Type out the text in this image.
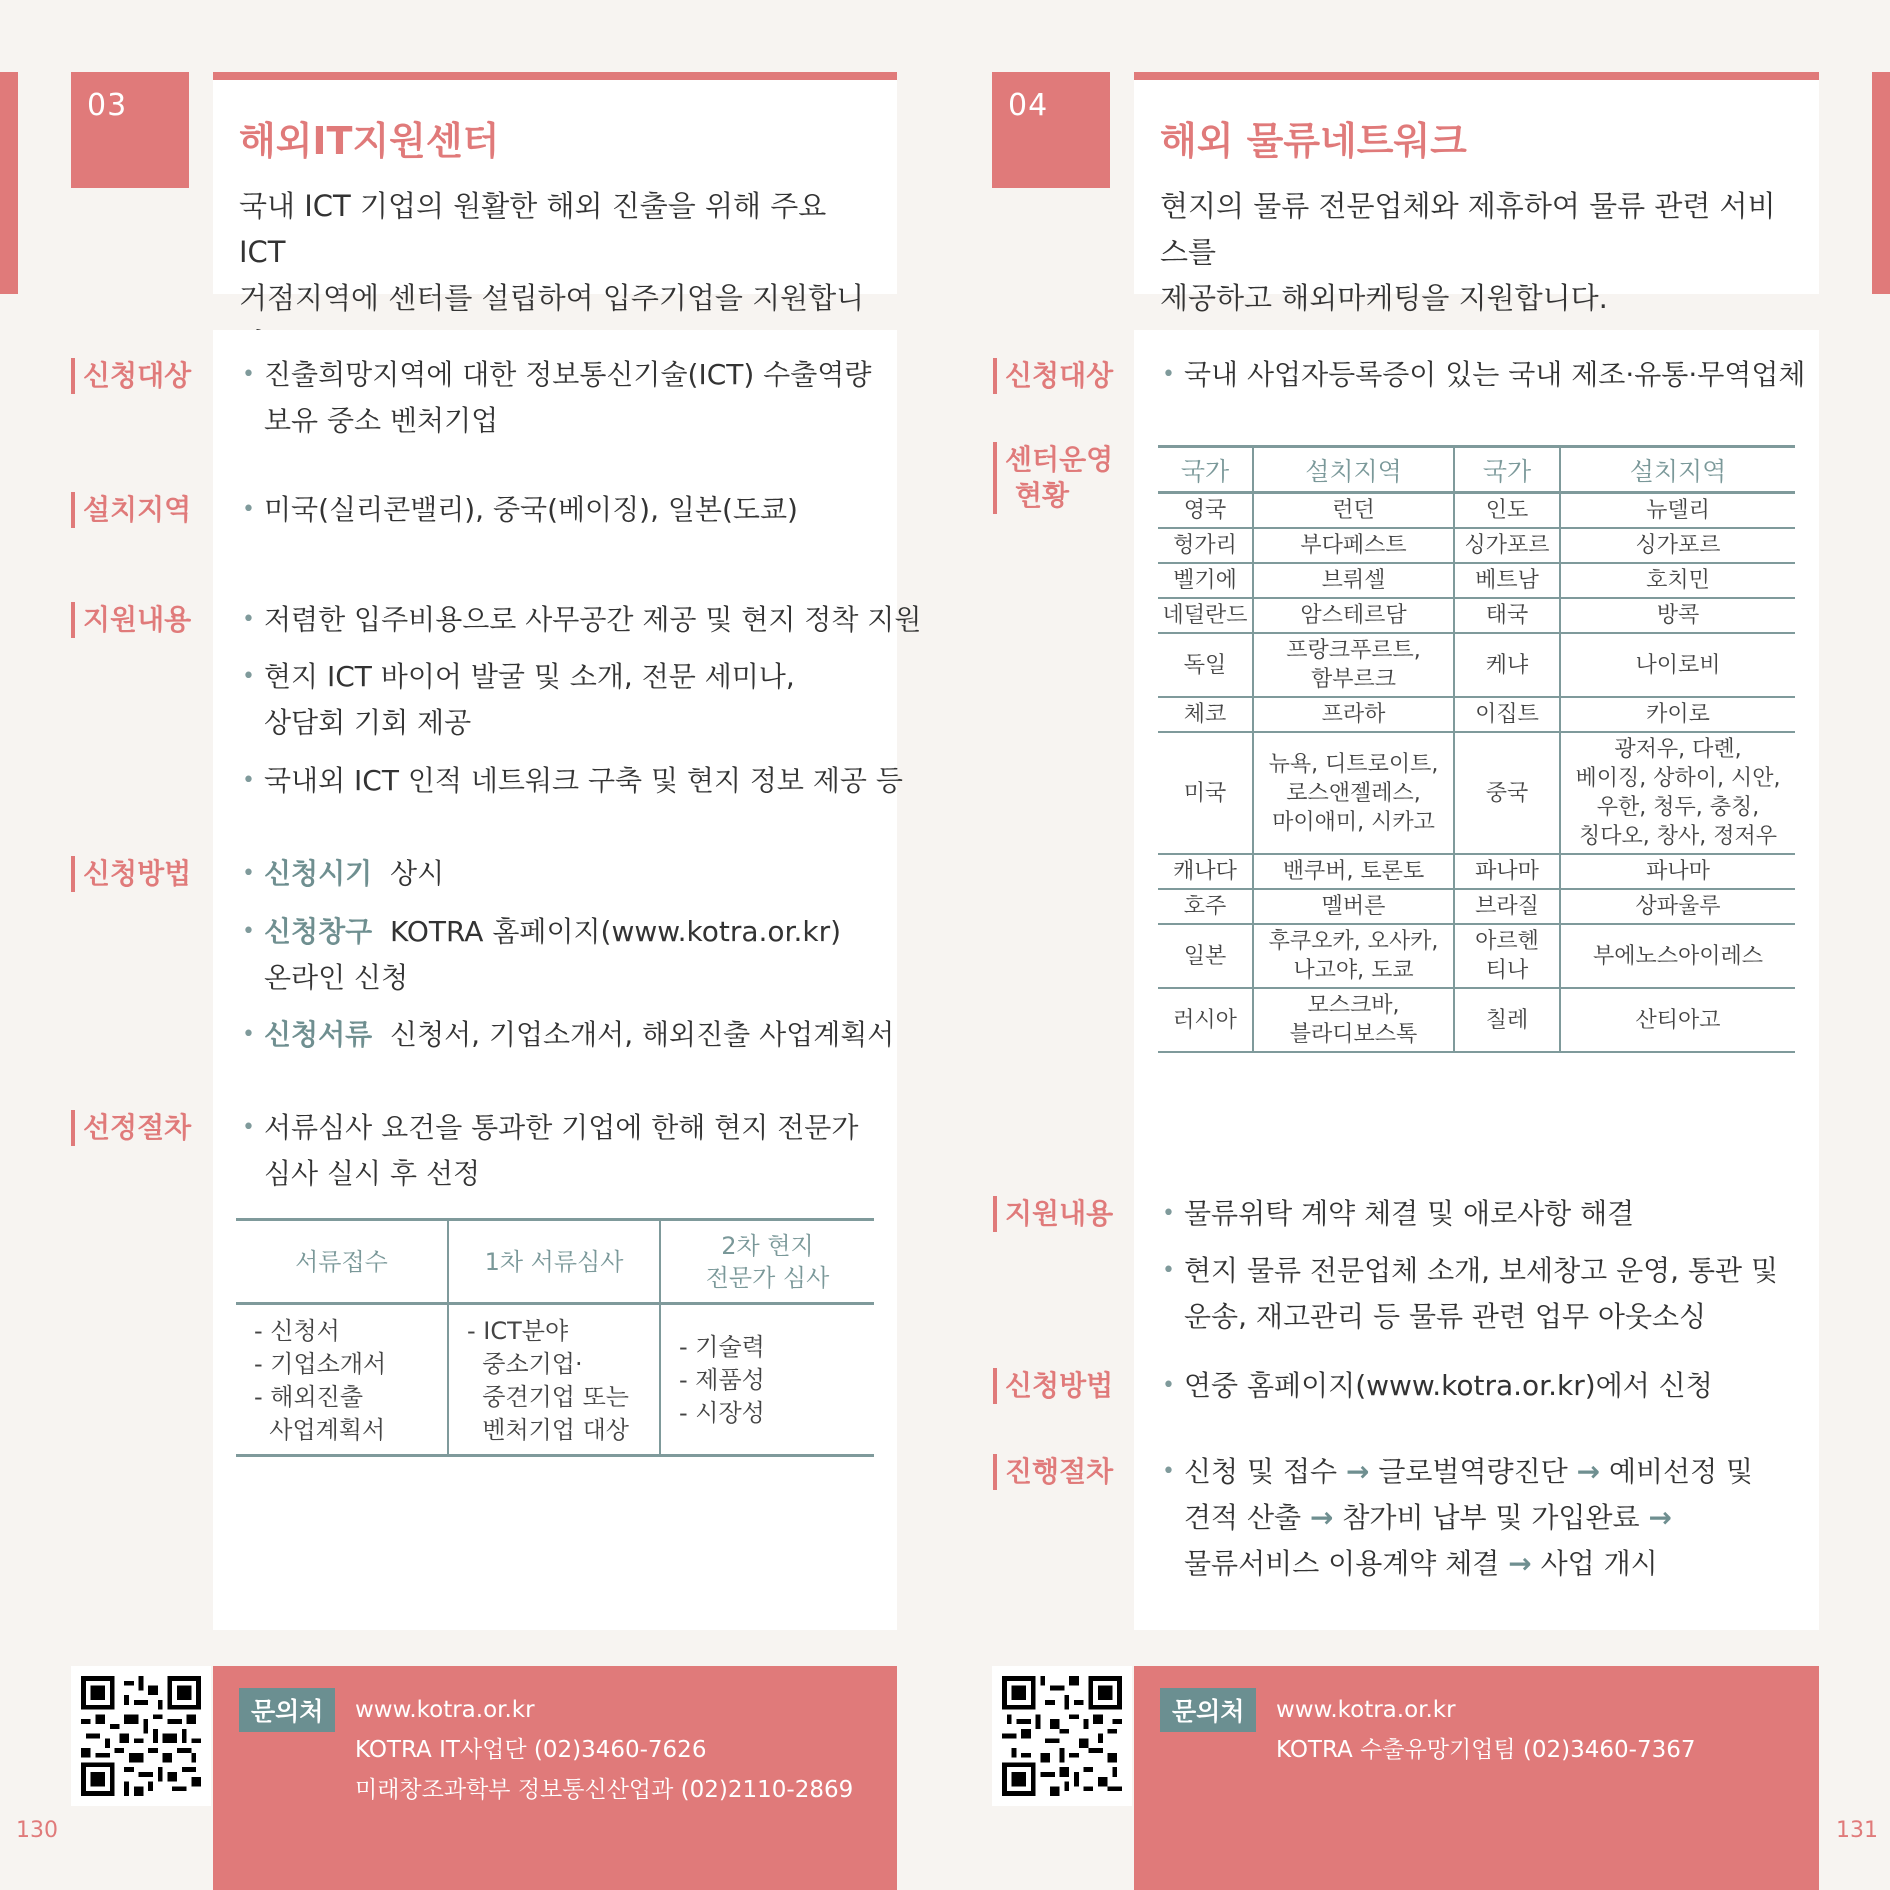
130	131
03
해외IT지원센터
국내 ICT 기업의 원활한 해외 진출을 위해 주요 ICT
거점지역에 센터를 설립하여 입주기업을 지원합니
신청대상	• 진출희망지역에 대한 정보통신기술(ICT) 수출역량
보유 중소 벤처기업
설치지역	• 미국(실리콘밸리), 중국(베이징), 일본(도쿄)
지원내용	• 저렴한 입주비용으로 사무공간 제공 및 현지 정착 지원
• 현지 ICT 바이어 발굴 및 소개, 전문 세미나,
상담회 기회 제공
• 국내외 ICT 인적 네트워크 구축 및 현지 정보 제공 등
신청방법	• 신청시기 상시
• 신청창구 KOTRA 홈페이지(www.kotra.or.kr)
온라인 신청
• 신청서류 신청서, 기업소개서, 해외진출 사업계획서
선정절차	• 서류심사 요건을 통과한 기업에 한해 현지 전문가
심사 실시 후 선정
서류접수	1차 서류심사	2차 현지
전문가 심사
- 신청서
- 기업소개서
- 해외진출
사업계획서	- ICT분야
중소기업·
중견기업 또는
벤처기업 대상	- 기술력
- 제품성
- 시장성
문의처	www.kotra.or.kr
KOTRA IT사업단 (02)3460-7626
미래창조과학부 정보통신산업과 (02)2110-2869
04
해외 물류네트워크
현지의 물류 전문업체와 제휴하여 물류 관련 서비스를
제공하고 해외마케팅을 지원합니다.
신청대상	• 국내 사업자등록증이 있는 국내 제조·유통·무역업체
센터운영
현황
국가	설치지역	국가	설치지역
영국	런던	인도	뉴델리
헝가리	부다페스트	싱가포르	싱가포르
벨기에	브뤼셀	베트남	호치민
네덜란드	암스테르담	태국	방콕
독일	프랑크푸르트,
함부르크	케냐	나이로비
체코	프라하	이집트	카이로
미국	뉴욕, 디트로이트,
로스앤젤레스,
마이애미, 시카고	중국	광저우, 다롄,
베이징, 상하이, 시안,
우한, 청두, 충칭,
칭다오, 창사, 정저우
캐나다	밴쿠버, 토론토	파나마	파나마
호주	멜버른	브라질	상파울루
일본	후쿠오카, 오사카,
나고야, 도쿄	아르헨
티나	부에노스아이레스
러시아	모스크바,
블라디보스톡	칠레	산티아고
지원내용	• 물류위탁 계약 체결 및 애로사항 해결
• 현지 물류 전문업체 소개, 보세창고 운영, 통관 및
운송, 재고관리 등 물류 관련 업무 아웃소싱
신청방법	• 연중 홈페이지(www.kotra.or.kr)에서 신청
진행절차	• 신청 및 접수 → 글로벌역량진단 → 예비선정 및
견적 산출 → 참가비 납부 및 가입완료 →
물류서비스 이용계약 체결 → 사업 개시
문의처	www.kotra.or.kr
KOTRA 수출유망기업팀 (02)3460-7367
